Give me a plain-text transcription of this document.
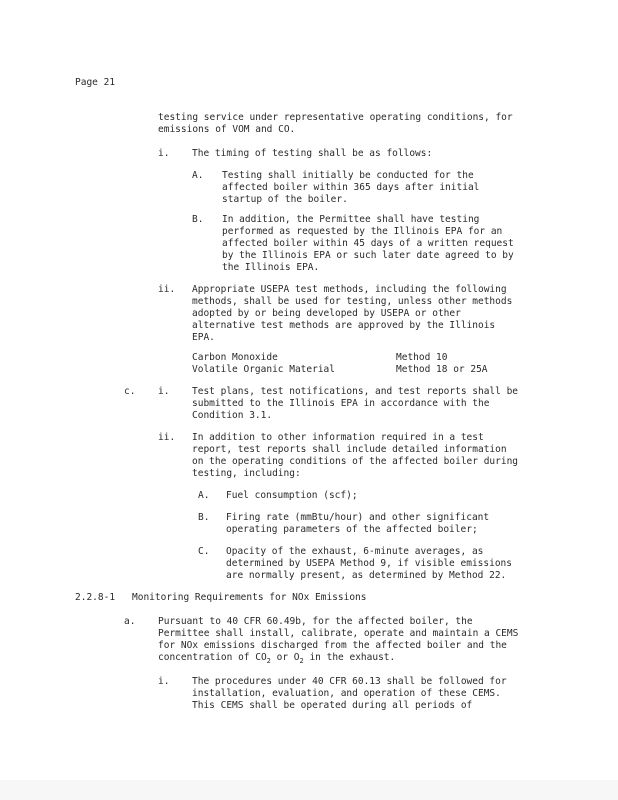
Page 21
testing service under representative operating conditions, for
emissions of VOM and CO.
i. The timing of testing shall be as follows:
A. Testing shall initially be conducted for the
affected boiler within 365 days after initial
startup of the boiler.
B. In addition, the Permittee shall have testing
performed as requested by the Illinois EPA for an
affected boiler within 45 days of a written request
by the Illinois EPA or such later date agreed to by
the Illinois EPA.
ii. Appropriate USEPA test methods, including the following
methods, shall be used for testing, unless other methods
adopted by or being developed by USEPA or other
alternative test methods are approved by the Illinois
EPA.
Carbon Monoxide	Method 10
Volatile Organic Material	Method 18 or 25A
c. i. Test plans, test notifications, and test reports shall be
submitted to the Illinois EPA in accordance with the
Condition 3.1.
ii. In addition to other information required in a test
report, test reports shall include detailed information
on the operating conditions of the affected boiler during
testing, including:
A. Fuel consumption (scf);
B. Firing rate (mmBtu/hour) and other significant
operating parameters of the affected boiler;
C. Opacity of the exhaust, 6-minute averages, as
determined by USEPA Method 9, if visible emissions
are normally present, as determined by Method 22.
2.2.8-1 Monitoring Requirements for NOx Emissions
a. Pursuant to 40 CFR 60.49b, for the affected boiler, the
Permittee shall install, calibrate, operate and maintain a CEMS
for NOx emissions discharged from the affected boiler and the
concentration of $CO_2$ or $O_2$ in the exhaust.
i. The procedures under 40 CFR 60.13 shall be followed for
installation, evaluation, and operation of these CEMS.
This CEMS shall be operated during all periods of
